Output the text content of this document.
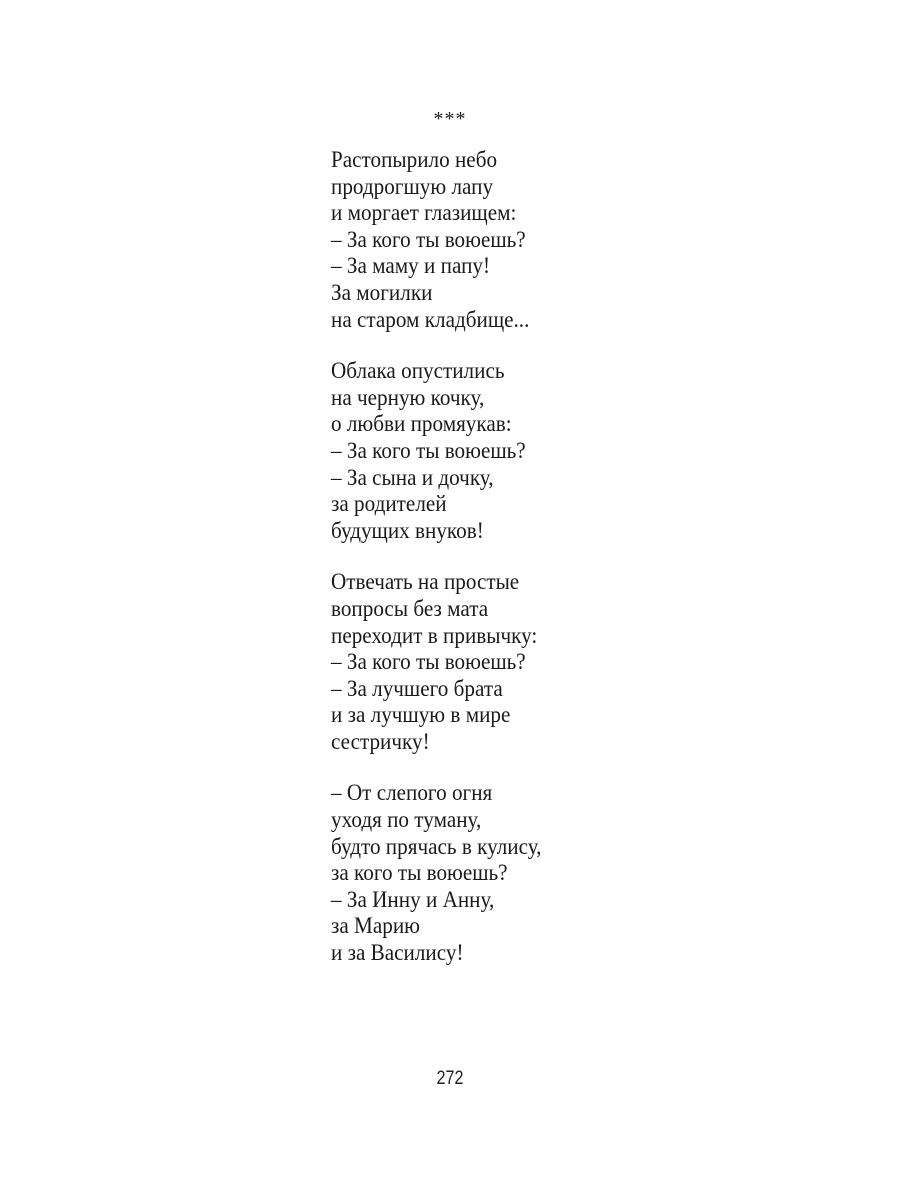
***
Растопырило небо
продрогшую лапу
и моргает глазищем:
– За кого ты воюешь?
– За маму и папу!
За могилки
на старом кладбище...
Облака опустились
на черную кочку,
о любви промяукав:
– За кого ты воюешь?
– За сына и дочку,
за родителей
будущих внуков!
Отвечать на простые
вопросы без мата
переходит в привычку:
– За кого ты воюешь?
– За лучшего брата
и за лучшую в мире
сестричку!
– От слепого огня
уходя по туману,
будто прячась в кулису,
за кого ты воюешь?
– За Инну и Анну,
за Марию
и за Василису!
272
